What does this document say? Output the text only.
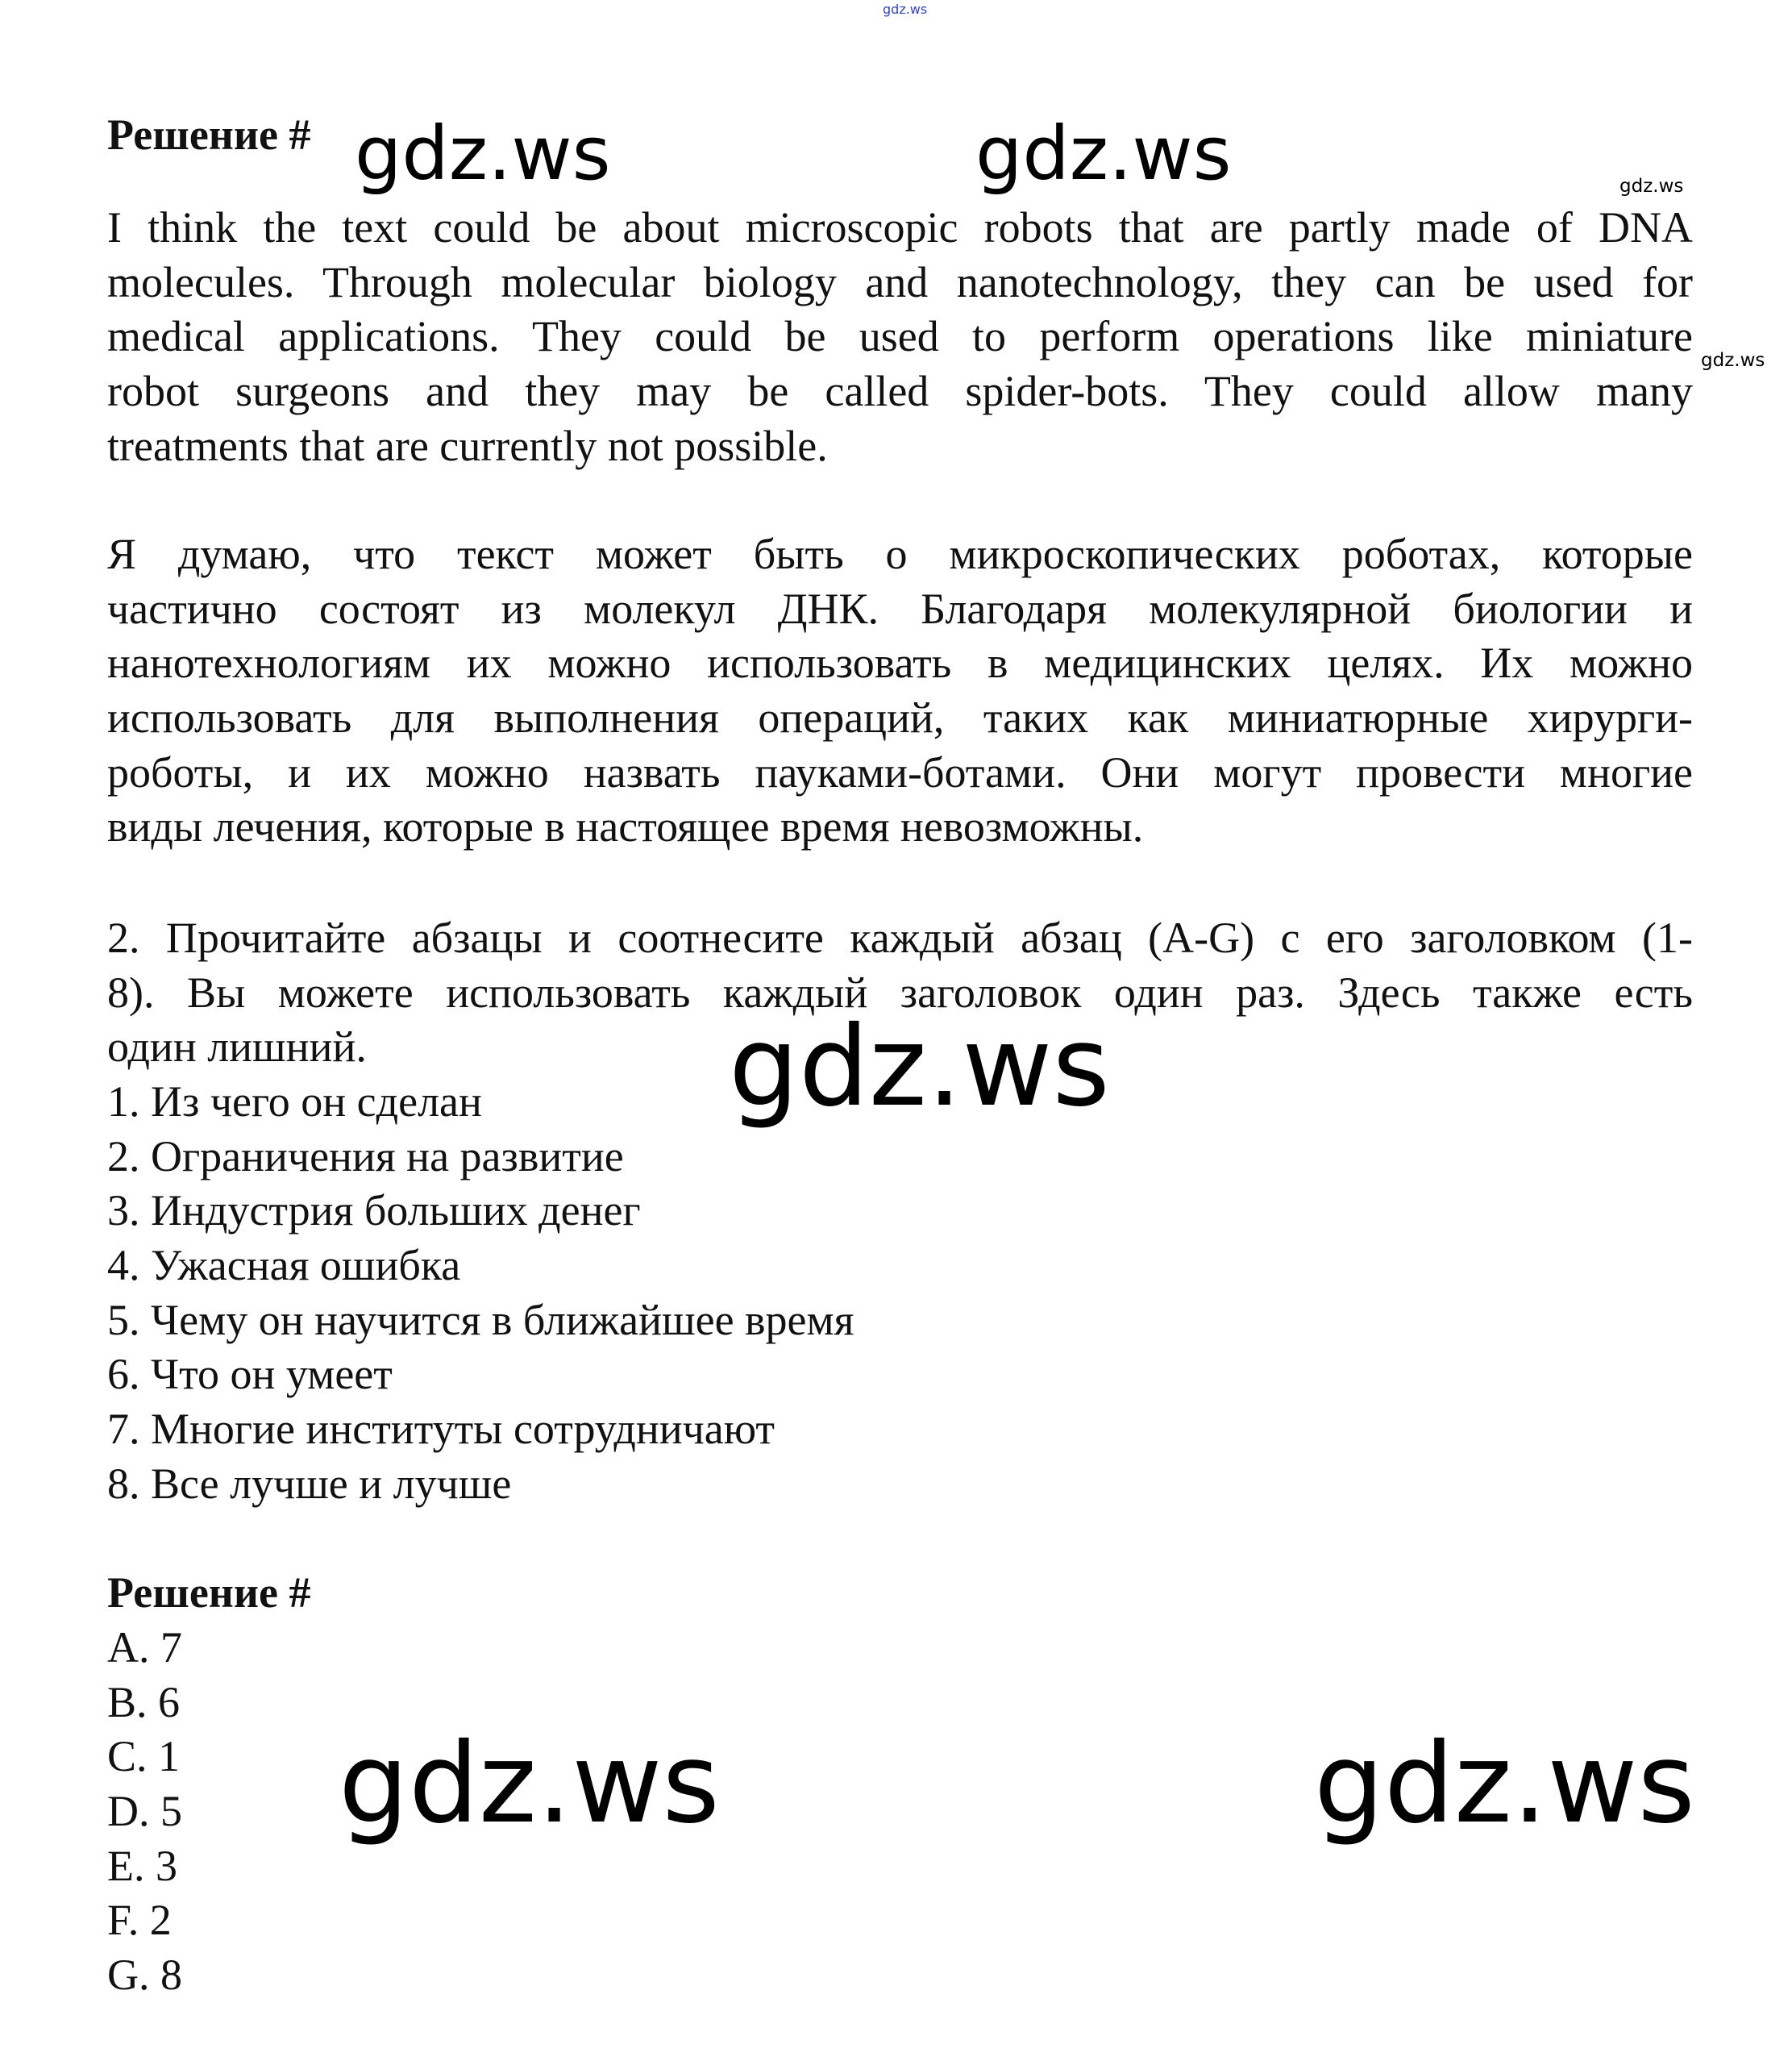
gdz.ws
Решение #
I think the text could be about microscopic robots that are partly made of DNA
molecules. Through molecular biology and nanotechnology, they can be used for
medical applications. They could be used to perform operations like miniature
robot surgeons and they may be called spider-bots. They could allow many
treatments that are currently not possible.
Я думаю, что текст может быть о микроскопических роботах, которые
частично состоят из молекул ДНК. Благодаря молекулярной биологии и
нанотехнологиям их можно использовать в медицинских целях. Их можно
использовать для выполнения операций, таких как миниатюрные хирурги-
роботы, и их можно назвать пауками-ботами. Они могут провести многие
виды лечения, которые в настоящее время невозможны.
2. Прочитайте абзацы и соотнесите каждый абзац (A-G) с его заголовком (1-
8). Вы можете использовать каждый заголовок один раз. Здесь также есть
один лишний.
1. Из чего он сделан
2. Ограничения на развитие
3. Индустрия больших денег
4. Ужасная ошибка
5. Чему он научится в ближайшее время
6. Что он умеет
7. Многие институты сотрудничают
8. Все лучше и лучше
Решение #
A. 7
B. 6
C. 1
D. 5
E. 3
F. 2
G. 8
gdz.ws	gdz.ws	gdz.ws
gdz.ws
gdz.ws
gdz.ws	gdz.ws
